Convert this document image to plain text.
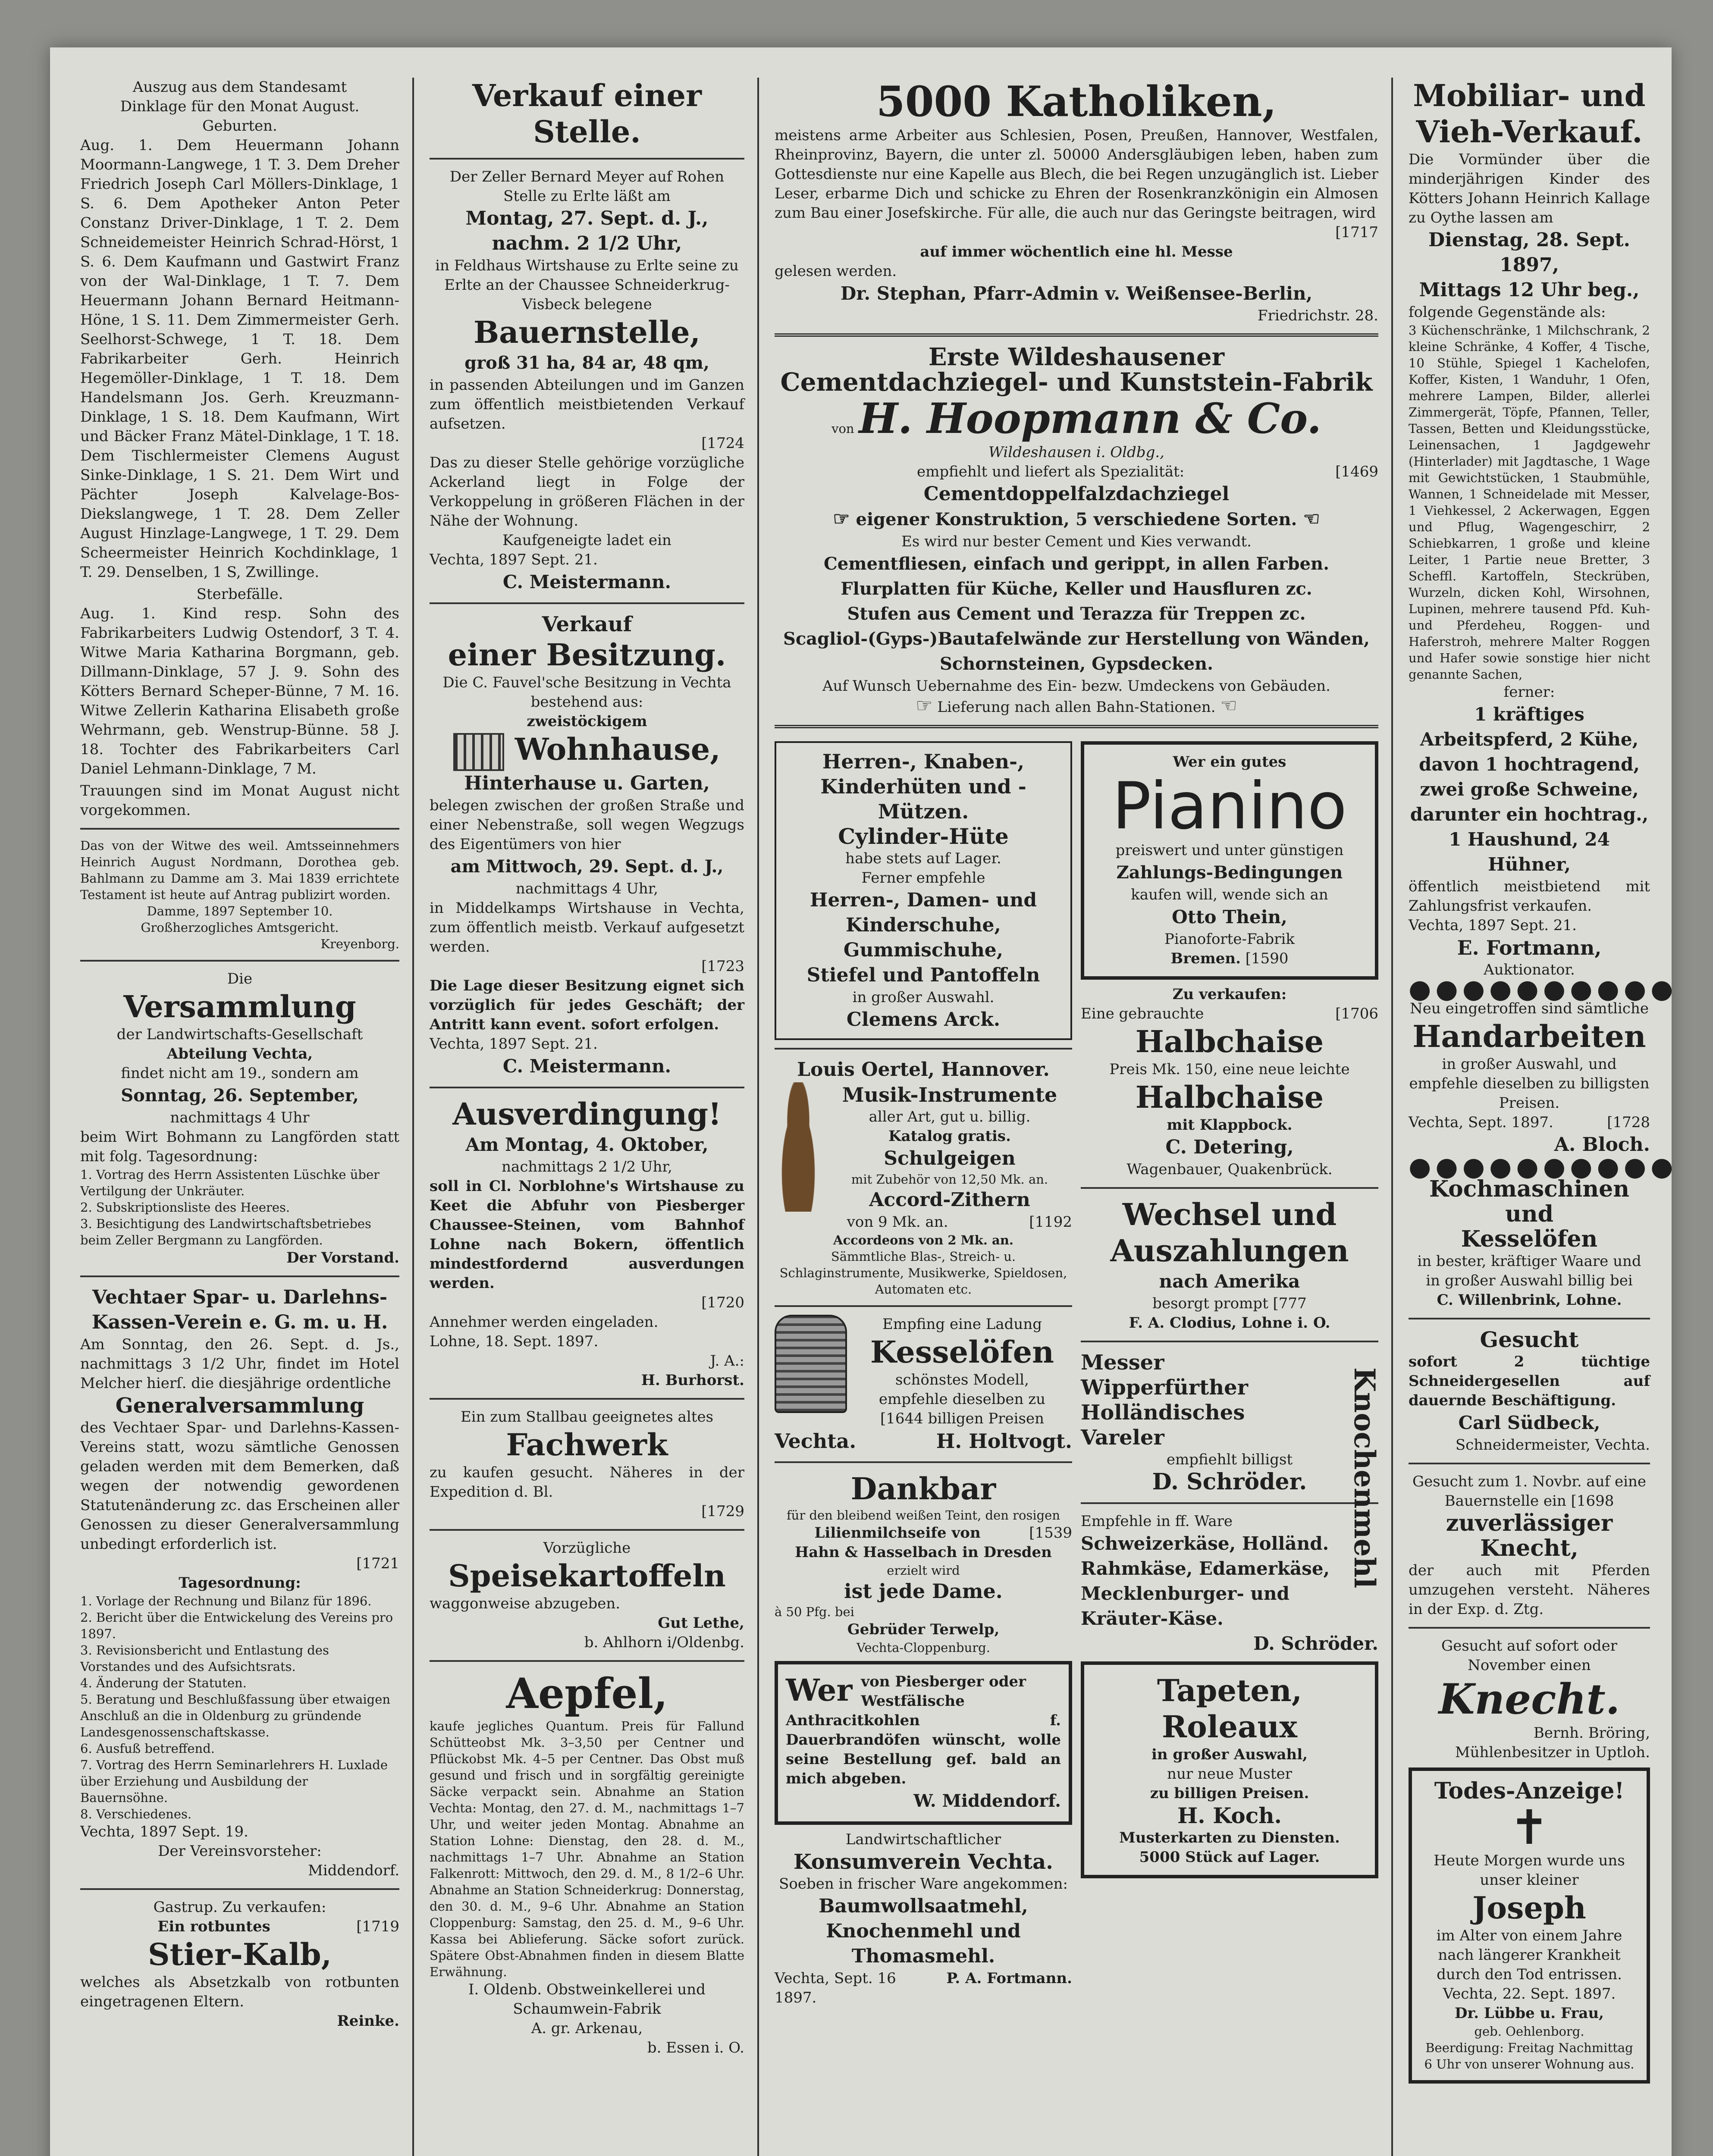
Auszug aus dem Standesamt
Dinklage für den Monat August.
Geburten.
Aug. 1. Dem Heuermann Johann Moormann-Langwege, 1 T. 3. Dem Dreher Friedrich Joseph Carl Möllers-Dinklage, 1 S. 6. Dem Apotheker Anton Peter Constanz Driver-Dinklage, 1 T. 2. Dem Schneidemeister Heinrich Schrad-Hörst, 1 S. 6. Dem Kaufmann und Gastwirt Franz von der Wal-Dinklage, 1 T. 7. Dem Heuermann Johann Bernard Heitmann-Höne, 1 S. 11. Dem Zimmermeister Gerh. Seelhorst-Schwege, 1 T. 18. Dem Fabrikarbeiter Gerh. Heinrich Hegemöller-Dinklage, 1 T. 18. Dem Handelsmann Jos. Gerh. Kreuzmann-Dinklage, 1 S. 18. Dem Kaufmann, Wirt und Bäcker Franz Mätel-Dinklage, 1 T. 18. Dem Tischlermeister Clemens August Sinke-Dinklage, 1 S. 21. Dem Wirt und Pächter Joseph Kalvelage-Bos-Diekslangwege, 1 T. 28. Dem Zeller August Hinzlage-Langwege, 1 T. 29. Dem Scheermeister Heinrich Kochdinklage, 1 T. 29. Denselben, 1 S, Zwillinge.
Sterbefälle.
Aug. 1. Kind resp. Sohn des Fabrikarbeiters Ludwig Ostendorf, 3 T. 4. Witwe Maria Katharina Borgmann, geb. Dillmann-Dinklage, 57 J. 9. Sohn des Kötters Bernard Scheper-Bünne, 7 M. 16. Witwe Zellerin Katharina Elisabeth große Wehrmann, geb. Wenstrup-Bünne. 58 J. 18. Tochter des Fabrikarbeiters Carl Daniel Lehmann-Dinklage, 7 M.
Trauungen sind im Monat August nicht vorgekommen.
Das von der Witwe des weil. Amtsseinnehmers Heinrich August Nordmann, Dorothea geb. Bahlmann zu Damme am 3. Mai 1839 errichtete Testament ist heute auf Antrag publizirt worden.
Damme, 1897 September 10.
Großherzogliches Amtsgericht.
Kreyenborg.
Die
Versammlung
der Landwirtschafts-Gesellschaft
Abteilung Vechta,
findet nicht am 19., sondern am
Sonntag, 26. September,
nachmittags 4 Uhr
beim Wirt Bohmann zu Langförden statt mit folg. Tagesordnung:
1. Vortrag des Herrn Assistenten Lüschke über Vertilgung der Unkräuter.
2. Subskriptionsliste des Heeres.
3. Besichtigung des Landwirtschaftsbetriebes beim Zeller Bergmann zu Langförden.
Der Vorstand.
Vechtaer Spar- u. Darlehns-
Kassen-Verein e. G. m. u. H.
Am Sonntag, den 26. Sept. d. Js., nachmittags 3 1/2 Uhr, findet im Hotel Melcher hierſ. die diesjährige ordentliche
Generalversammlung
des Vechtaer Spar- und Darlehns-Kassen-Vereins statt, wozu sämtliche Genossen geladen werden mit dem Bemerken, daß wegen der notwendig gewordenen Statutenänderung zc. das Erscheinen aller Genossen zu dieser Generalversammlung unbedingt erforderlich ist.
[1721
Tagesordnung:
1. Vorlage der Rechnung und Bilanz für 1896.
2. Bericht über die Entwickelung des Vereins pro 1897.
3. Revisionsbericht und Entlastung des Vorstandes und des Aufsichtsrats.
4. Änderung der Statuten.
5. Beratung und Beschlußfassung über etwaigen Anschluß an die in Oldenburg zu gründende Landesgenossenschaftskasse.
6. Ausfuß betreffend.
7. Vortrag des Herrn Seminarlehrers H. Luxlade über Erziehung und Ausbildung der Bauernsöhne.
8. Verschiedenes.
Vechta, 1897 Sept. 19.
Der Vereinsvorsteher:
Middendorf.
Gastrup. Zu verkaufen:
Ein rotbuntes	[1719
Stier-Kalb,
welches als Absetzkalb von rotbunten eingetragenen Eltern.
Reinke.
Verkauf einer Stelle.
Der Zeller Bernard Meyer auf Rohen Stelle zu Erlte läßt am
Montag, 27. Sept. d. J.,
nachm. 2 1/2 Uhr,
in Feldhaus Wirtshause zu Erlte seine zu Erlte an der Chaussee Schneiderkrug-Visbeck belegene
Bauernstelle,
groß 31 ha, 84 ar, 48 qm,
in passenden Abteilungen und im Ganzen zum öffentlich meistbietenden Verkauf aufsetzen.
[1724
Das zu dieser Stelle gehörige vorzügliche Ackerland liegt in Folge der Verkoppelung in größeren Flächen in der Nähe der Wohnung.
Kaufgeneigte ladet ein
Vechta, 1897 Sept. 21.
C. Meistermann.
Verkauf
einer Besitzung.
Die C. Fauvel'sche Besitzung in Vechta bestehend aus:
zweistöckigem
Wohnhause,
Hinterhause u. Garten,
belegen zwischen der großen Straße und einer Nebenstraße, soll wegen Wegzugs des Eigentümers von hier
am Mittwoch, 29. Sept. d. J.,
nachmittags 4 Uhr,
in Middelkamps Wirtshause in Vechta, zum öffentlich meistb. Verkauf aufgesetzt werden.
[1723
Die Lage dieser Besitzung eignet sich vorzüglich für jedes Geschäft; der Antritt kann event. sofort erfolgen.
Vechta, 1897 Sept. 21.
C. Meistermann.
Ausverdingung!
Am Montag, 4. Oktober,
nachmittags 2 1/2 Uhr,
soll in Cl. Norblohne's Wirtshause zu Keet die Abfuhr von Piesberger Chaussee-Steinen, vom Bahnhof Lohne nach Bokern, öffentlich mindestfordernd ausverdungen werden.
[1720
Annehmer werden eingeladen.
Lohne, 18. Sept. 1897.
J. A.:
H. Burhorst.
Ein zum Stallbau geeignetes altes
Fachwerk
zu kaufen gesucht. Näheres in der Expedition d. Bl.
[1729
Vorzügliche
Speisekartoffeln
waggonweise abzugeben.
Gut Lethe,
b. Ahlhorn i/Oldenbg.
Aepfel,
kaufe jegliches Quantum. Preis für Fallund Schütteobst Mk. 3–3,50 per Centner und Pflückobst Mk. 4–5 per Centner. Das Obst muß gesund und frisch und in sorgfältig gereinigte Säcke verpackt sein. Abnahme an Station Vechta: Montag, den 27. d. M., nachmittags 1–7 Uhr, und weiter jeden Montag. Abnahme an Station Lohne: Dienstag, den 28. d. M., nachmittags 1–7 Uhr. Abnahme an Station Falkenrott: Mittwoch, den 29. d. M., 8 1/2–6 Uhr. Abnahme an Station Schneiderkrug: Donnerstag, den 30. d. M., 9–6 Uhr. Abnahme an Station Cloppenburg: Samstag, den 25. d. M., 9–6 Uhr. Kassa bei Ablieferung. Säcke sofort zurück. Spätere Obst-Abnahmen finden in diesem Blatte Erwähnung.
I. Oldenb. Obstweinkellerei und
Schaumwein-Fabrik
A. gr. Arkenau,
b. Essen i. O.
5000 Katholiken,
meistens arme Arbeiter aus Schlesien, Posen, Preußen, Hannover, Westfalen, Rheinprovinz, Bayern, die unter zl. 50000 Andersgläubigen leben, haben zum Gottesdienste nur eine Kapelle aus Blech, die bei Regen unzugänglich ist. Lieber Leser, erbarme Dich und schicke zu Ehren der Rosenkranzkönigin ein Almosen zum Bau einer Josefskirche. Für alle, die auch nur das Geringste beitragen, wird
[1717
auf immer wöchentlich eine hl. Messe
gelesen werden.
Dr. Stephan, Pfarr-Admin v. Weißensee-Berlin,
Friedrichstr. 28.
Erste Wildeshausener
Cementdachziegel- und Kunststein-Fabrik
von H. Hoopmann & Co.
Wildeshausen i. Oldbg.,
empfiehlt und liefert als Spezialität:	[1469
Cementdoppelfalzdachziegel
☞ eigener Konstruktion, 5 verschiedene Sorten. ☜
Es wird nur bester Cement und Kies verwandt.
Cementfliesen, einfach und gerippt, in allen Farben.
Flurplatten für Küche, Keller und Hausfluren zc.
Stufen aus Cement und Terazza für Treppen zc.
Scagliol-(Gyps-)Bautafelwände zur Herstellung von Wänden, Schornsteinen, Gypsdecken.
Auf Wunsch Uebernahme des Ein- bezw. Umdeckens von Gebäuden.
☞ Lieferung nach allen Bahn-Stationen. ☜
Herren-, Knaben-, Kinderhüten und -Mützen.
Cylinder-Hüte
habe stets auf Lager.
Ferner empfehle
Herren-, Damen- und Kinderschuhe,
Gummischuhe,
Stiefel und Pantoffeln
in großer Auswahl.
Clemens Arck.
Louis Oertel, Hannover.
Musik-Instrumente
aller Art, gut u. billig.
Katalog gratis.
Schulgeigen
mit Zubehör von 12,50 Mk. an.
Accord-Zithern
von 9 Mk. an.	[1192
Accordeons von 2 Mk. an.
Sämmtliche Blas-, Streich- u. Schlaginstrumente, Musikwerke, Spieldosen, Automaten etc.
Empfing eine Ladung
Kesselöfen
schönstes Modell,
empfehle dieselben zu
[1644 billigen Preisen
Vechta.	H. Holtvogt.
Dankbar
für den bleibend weißen Teint, den rosigen
Lilienmilchseife von	[1539
Hahn & Hasselbach in Dresden
erzielt wird
ist jede Dame.
à 50 Pfg. bei
Gebrüder Terwelp,
Vechta-Cloppenburg.
Wer von Piesberger oder Westfälische
Anthracitkohlen f. Dauerbrandöfen wünscht, wolle seine Bestellung gef. bald an mich abgeben.
W. Middendorf.
Landwirtschaftlicher
Konsumverein Vechta.
Soeben in frischer Ware angekommen:
Baumwollsaatmehl, Knochenmehl und Thomasmehl.
Vechta, Sept. 16 1897.
P. A. Fortmann.
Wer ein gutes
Pianino
preiswert und unter günstigen
Zahlungs-Bedingungen
kaufen will, wende sich an
Otto Thein,
Pianoforte-Fabrik
Bremen. [1590
Zu verkaufen:
Eine gebrauchte	[1706
Halbchaise
Preis Mk. 150, eine neue leichte
Halbchaise
mit Klappbock.
C. Detering,
Wagenbauer, Quakenbrück.
Wechsel und Auszahlungen
nach Amerika
besorgt prompt [777
F. A. Clodius, Lohne i. O.
Knochenmehl
Messer
Wipperfürther
Holländisches
Vareler
empfiehlt billigst
D. Schröder.
Empfehle in ff. Ware
Schweizerkäse, Holländ. Rahmkäse, Edamerkäse, Mecklenburger- und Kräuter-Käse.
D. Schröder.
Tapeten,
Roleaux
in großer Auswahl,
nur neue Muster
zu billigen Preisen.
H. Koch.
Musterkarten zu Diensten.
5000 Stück auf Lager.
Mobiliar- und
Vieh-Verkauf.
Die Vormünder über die minderjährigen Kinder des Kötters Johann Heinrich Kallage zu Oythe lassen am
Dienstag, 28. Sept. 1897,
Mittags 12 Uhr beg.,
folgende Gegenstände als:
3 Küchenschränke, 1 Milchschrank, 2 kleine Schränke, 4 Koffer, 4 Tische, 10 Stühle, Spiegel 1 Kachelofen, Koffer, Kisten, 1 Wanduhr, 1 Ofen, mehrere Lampen, Bilder, allerlei Zimmergerät, Töpfe, Pfannen, Teller, Tassen, Betten und Kleidungsstücke, Leinensachen, 1 Jagdgewehr (Hinterlader) mit Jagdtasche, 1 Wage mit Gewichtstücken, 1 Staubmühle, Wannen, 1 Schneidelade mit Messer, 1 Viehkessel, 2 Ackerwagen, Eggen und Pflug, Wagengeschirr, 2 Schiebkarren, 1 große und kleine Leiter, 1 Partie neue Bretter, 3 Scheffl. Kartoffeln, Steckrüben, Wurzeln, dicken Kohl, Wirsohnen, Lupinen, mehrere tausend Pfd. Kuh- und Pferdeheu, Roggen- und Haferstroh, mehrere Malter Roggen und Hafer sowie sonstige hier nicht genannte Sachen,
ferner:
1 kräftiges Arbeitspferd, 2 Kühe, davon 1 hochtragend, zwei große Schweine, darunter ein hochtrag., 1 Haushund, 24 Hühner,
öffentlich meistbietend mit Zahlungsfrist verkaufen.
Vechta, 1897 Sept. 21.
E. Fortmann,
Auktionator.
●●●●●●●●●●
Neu eingetroffen sind sämtliche
Handarbeiten
in großer Auswahl, und empfehle dieselben zu billigsten Preisen.
Vechta, Sept. 1897.	[1728
A. Bloch.
●●●●●●●●●●
Kochmaschinen und
Kesselöfen
in bester, kräftiger Waare und in großer Auswahl billig bei
C. Willenbrink, Lohne.
Gesucht
sofort 2 tüchtige Schneidergesellen auf dauernde Beschäftigung.
Carl Südbeck,
Schneidermeister, Vechta.
Gesucht zum 1. Novbr. auf eine Bauernstelle ein [1698
zuverlässiger Knecht,
der auch mit Pferden umzugehen versteht. Näheres in der Exp. d. Ztg.
Gesucht auf sofort oder November einen
Knecht.
Bernh. Bröring,
Mühlenbesitzer in Uptloh.
Todes-Anzeige!
✝
Heute Morgen wurde uns unser kleiner
Joseph
im Alter von einem Jahre nach längerer Krankheit durch den Tod entrissen.
Vechta, 22. Sept. 1897.
Dr. Lübbe u. Frau,
geb. Oehlenborg.
Beerdigung: Freitag Nachmittag 6 Uhr von unserer Wohnung aus.
